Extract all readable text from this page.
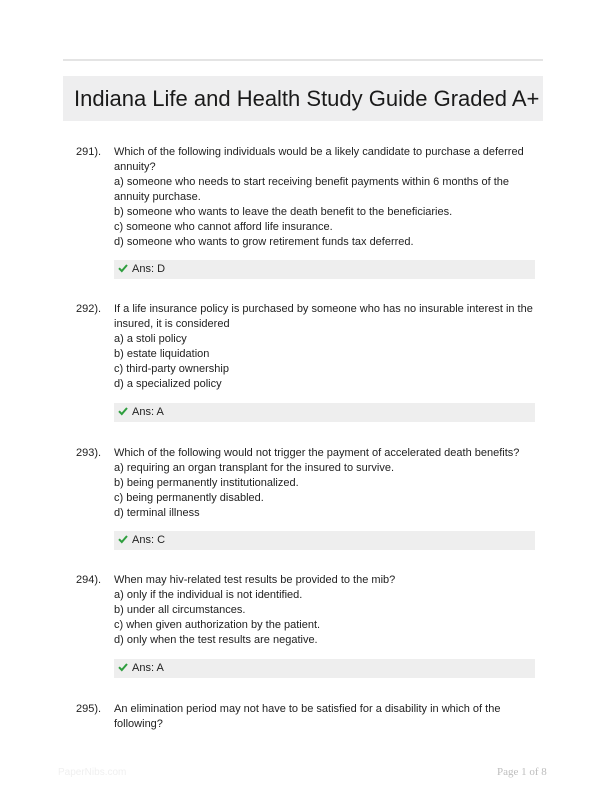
Indiana Life and Health Study Guide Graded A+
291). Which of the following individuals would be a likely candidate to purchase a deferred
annuity?
a) someone who needs to start receiving benefit payments within 6 months of the
annuity purchase.
b) someone who wants to leave the death benefit to the beneficiaries.
c) someone who cannot afford life insurance.
d) someone who wants to grow retirement funds tax deferred.
Ans: D
292). If a life insurance policy is purchased by someone who has no insurable interest in the
insured, it is considered
a) a stoli policy
b) estate liquidation
c) third-party ownership
d) a specialized policy
Ans: A
293). Which of the following would not trigger the payment of accelerated death benefits?
a) requiring an organ transplant for the insured to survive.
b) being permanently institutionalized.
c) being permanently disabled.
d) terminal illness
Ans: C
294). When may hiv-related test results be provided to the mib?
a) only if the individual is not identified.
b) under all circumstances.
c) when given authorization by the patient.
d) only when the test results are negative.
Ans: A
295). An elimination period may not have to be satisfied for a disability in which of the
following?
PaperNibs.com	Page 1 of 8
